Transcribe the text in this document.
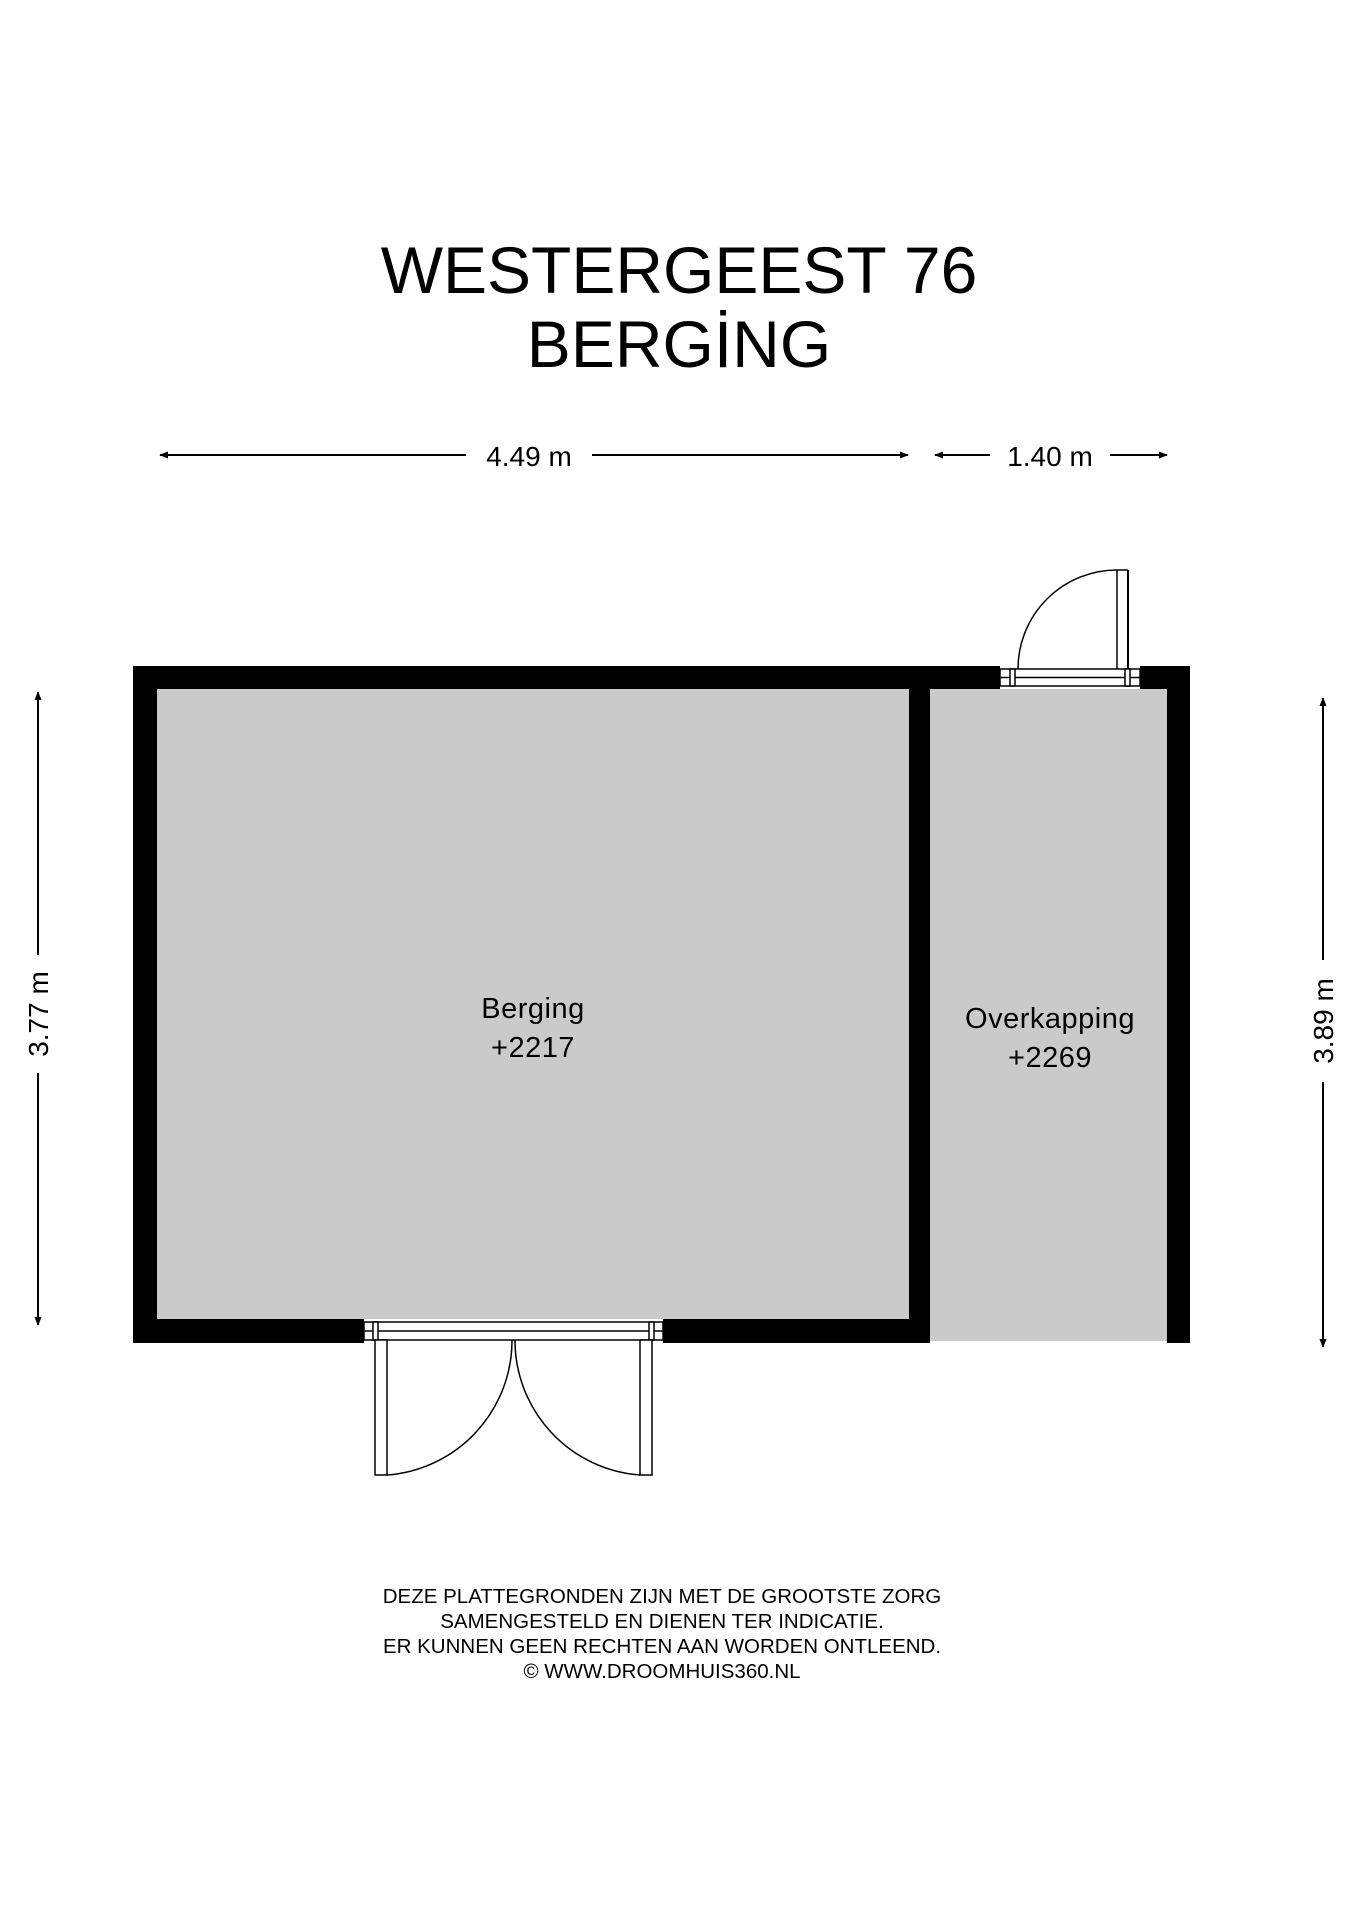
WESTERGEEST 76
BERGİNG
4.49 m	1.40 m
3.77 m	3.89 m
Berging
+2217
Overkapping
+2269
DEZE PLATTEGRONDEN ZIJN MET DE GROOTSTE ZORG
SAMENGESTELD EN DIENEN TER INDICATIE.
ER KUNNEN GEEN RECHTEN AAN WORDEN ONTLEEND.
© WWW.DROOMHUIS360.NL
